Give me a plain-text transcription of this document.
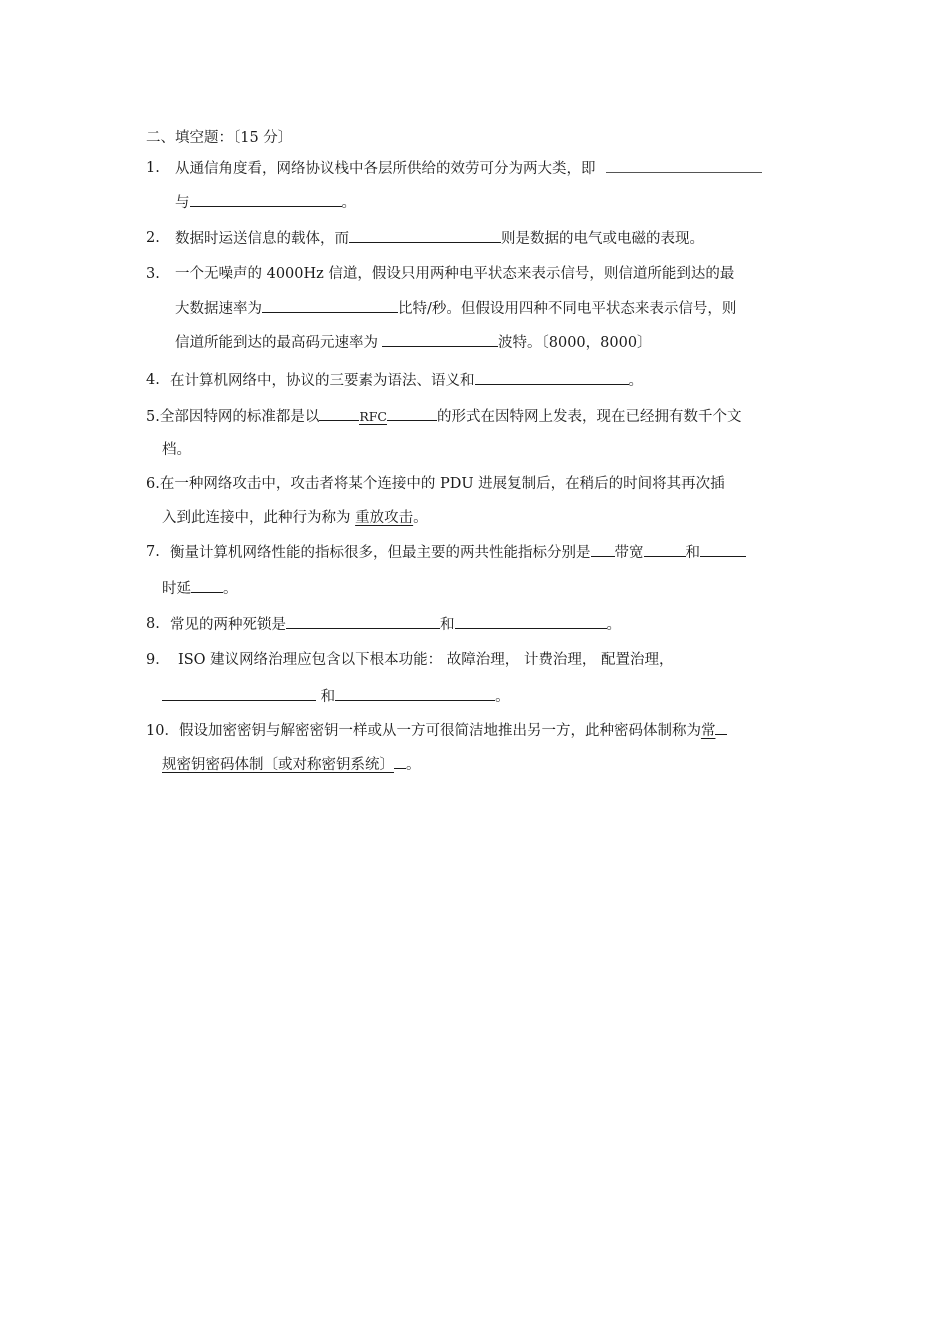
二、填空题：〔15 分〕
1. 从通信角度看，网络协议栈中各层所供给的效劳可分为两大类，即
与	。
2. 数据时运送信息的载体，而	则是数据的电气或电磁的表现。
3. 一个无噪声的 4000Hz 信道，假设只用两种电平状态来表示信号，则信道所能到达的最
大数据速率为	比特/秒。但假设用四种不同电平状态来表示信号，则
信道所能到达的最高码元速率为	波特。〔8000，8000〕
4. 在计算机网络中，协议的三要素为语法、语义和	。
5.全部因特网的标准都是以	RFC	的形式在因特网上发表，现在已经拥有数千个文
档。
6.在一种网络攻击中，攻击者将某个连接中的 PDU 进展复制后，在稍后的时间将其再次插
入到此连接中，此种行为称为 重放攻击。
7. 衡量计算机网络性能的指标很多，但最主要的两共性能指标分别是 带宽	和
时延 。
8. 常见的两种死锁是	和	。
9． ISO 建议网络治理应包含以下根本功能： 故障治理， 计费治理， 配置治理，
和	。
10．假设加密密钥与解密密钥一样或从一方可很简洁地推出另一方，此种密码体制称为常
规密钥密码体制〔或对称密钥系统〕 。
